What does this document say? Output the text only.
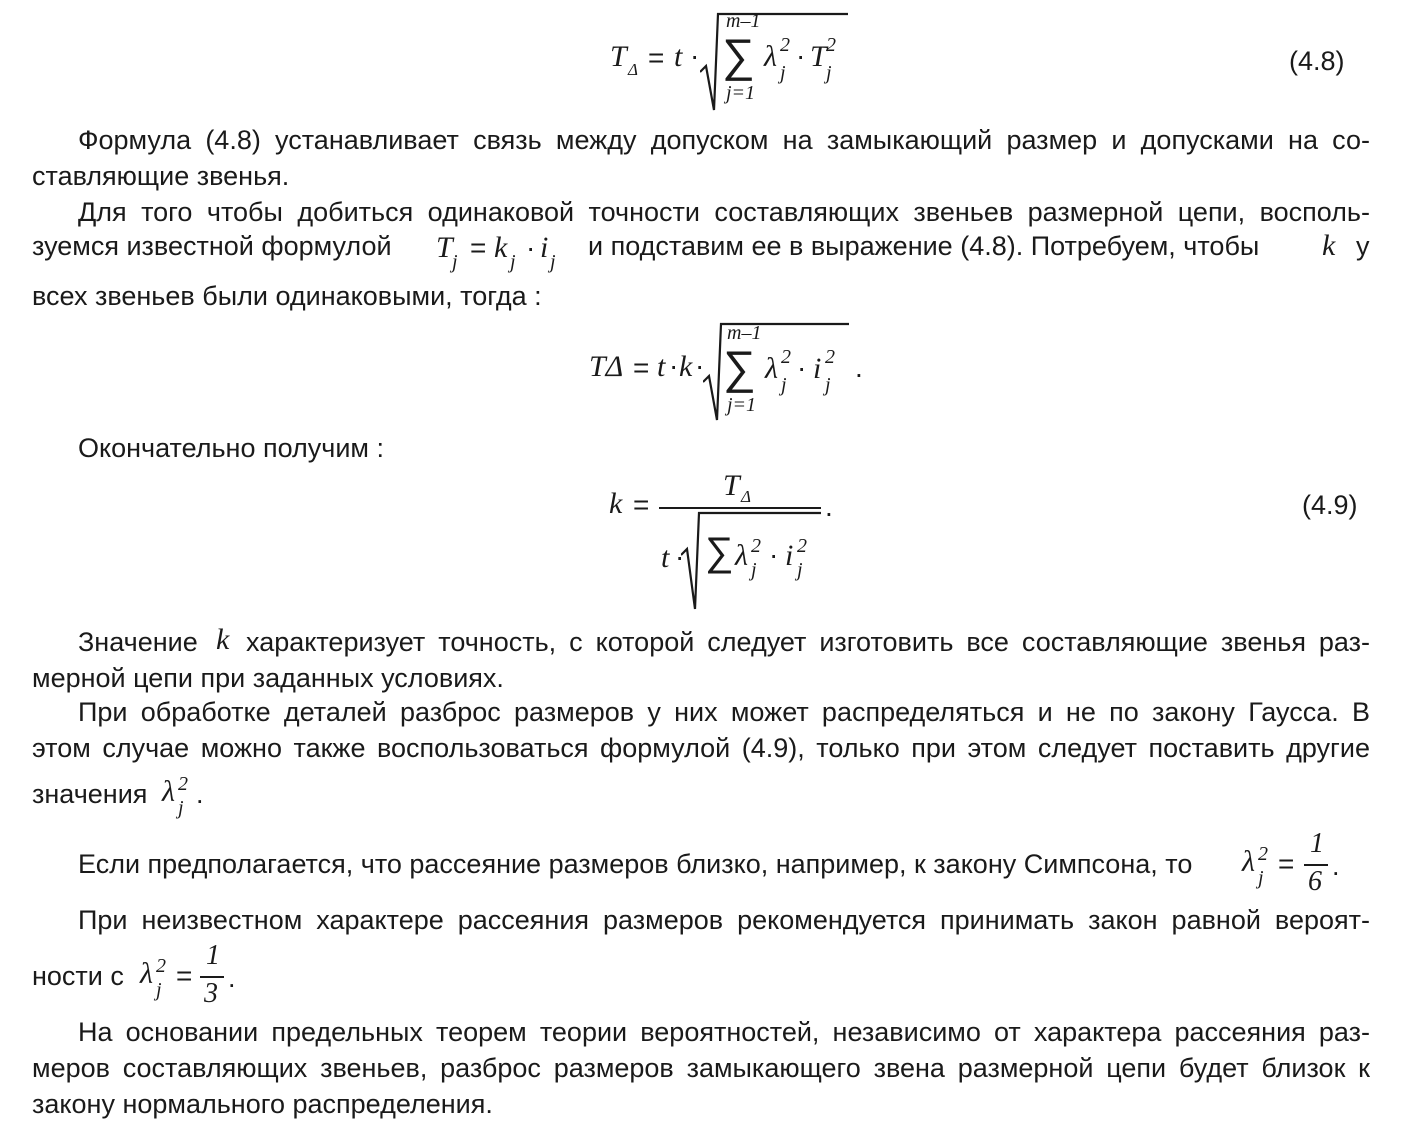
T Δ = t ·
m–1
∑
j=1
λ 2
j
· T 2
j	(4.8)

Формула (4.8) устанавливает связь между допуском на замыкающий размер и допусками на со-

ставляющие звенья.

Для того чтобы добиться одинаковой точности составляющих звеньев размерной цепи, восполь-

зуемся известной формулой T j = k j · i j
и подставим ее в выражение (4.8). Потребуем, чтобы k у

всех звеньев были одинаковыми, тогда :

TΔ = t · k ·
m–1
∑
j=1
λ 2
j
· i 2
j
.

Окончательно получим :

k =
T Δ	.
t · ∑ λ 2
j · i 2
j
(4.9)
Значение k характеризует точность, с которой следует изготовить все составляющие звенья раз-

мерной цепи при заданных условиях.

При обработке деталей разброс размеров у них может распределяться и не по закону Гаусса. В

этом случае можно также воспользоваться формулой (4.9), только при этом следует поставить другие

значения λ 2
j .
Если предполагается, что рассеяние размеров близко, например, к закону Симпсона, то λ 2
j =
1
6 .

При неизвестном характере рассеяния размеров рекомендуется принимать закон равной вероят-

ности с λ 2
j =
1
3 .

На основании предельных теорем теории вероятностей, независимо от характера рассеяния раз-

меров составляющих звеньев, разброс размеров замыкающего звена размерной цепи будет близок к

закону нормального распределения.
